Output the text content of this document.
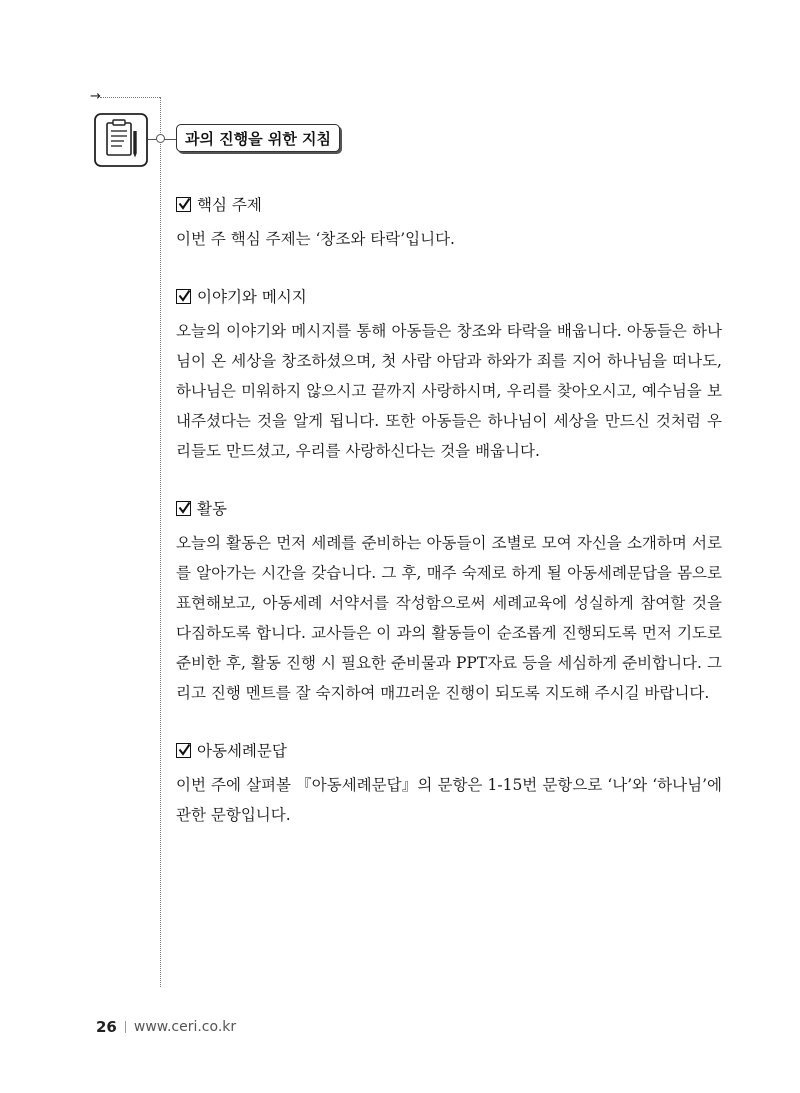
→
과의 진행을 위한 지침
핵심 주제

이번 주 핵심 주제는 ‘창조와 타락’입니다.

이야기와 메시지

오늘의 이야기와 메시지를 통해 아동들은 창조와 타락을 배웁니다. 아동들은 하나님이 온 세상을 창조하셨으며, 첫 사람 아담과 하와가 죄를 지어 하나님을 떠나도, 하나님은 미워하지 않으시고 끝까지 사랑하시며, 우리를 찾아오시고, 예수님을 보내주셨다는 것을 알게 됩니다. 또한 아동들은 하나님이 세상을 만드신 것처럼 우리들도 만드셨고, 우리를 사랑하신다는 것을 배웁니다.

활동

오늘의 활동은 먼저 세례를 준비하는 아동들이 조별로 모여 자신을 소개하며 서로를 알아가는 시간을 갖습니다. 그 후, 매주 숙제로 하게 될 아동세례문답을 몸으로 표현해보고, 아동세례 서약서를 작성함으로써 세례교육에 성실하게 참여할 것을 다짐하도록 합니다. 교사들은 이 과의 활동들이 순조롭게 진행되도록 먼저 기도로 준비한 후, 활동 진행 시 필요한 준비물과 PPT자료 등을 세심하게 준비합니다. 그리고 진행 멘트를 잘 숙지하여 매끄러운 진행이 되도록 지도해 주시길 바랍니다.

아동세례문답

이번 주에 살펴볼 『아동세례문답』의 문항은 1-15번 문항으로 ‘나’와 ‘하나님’에 관한 문항입니다.

26 www.ceri.co.kr
